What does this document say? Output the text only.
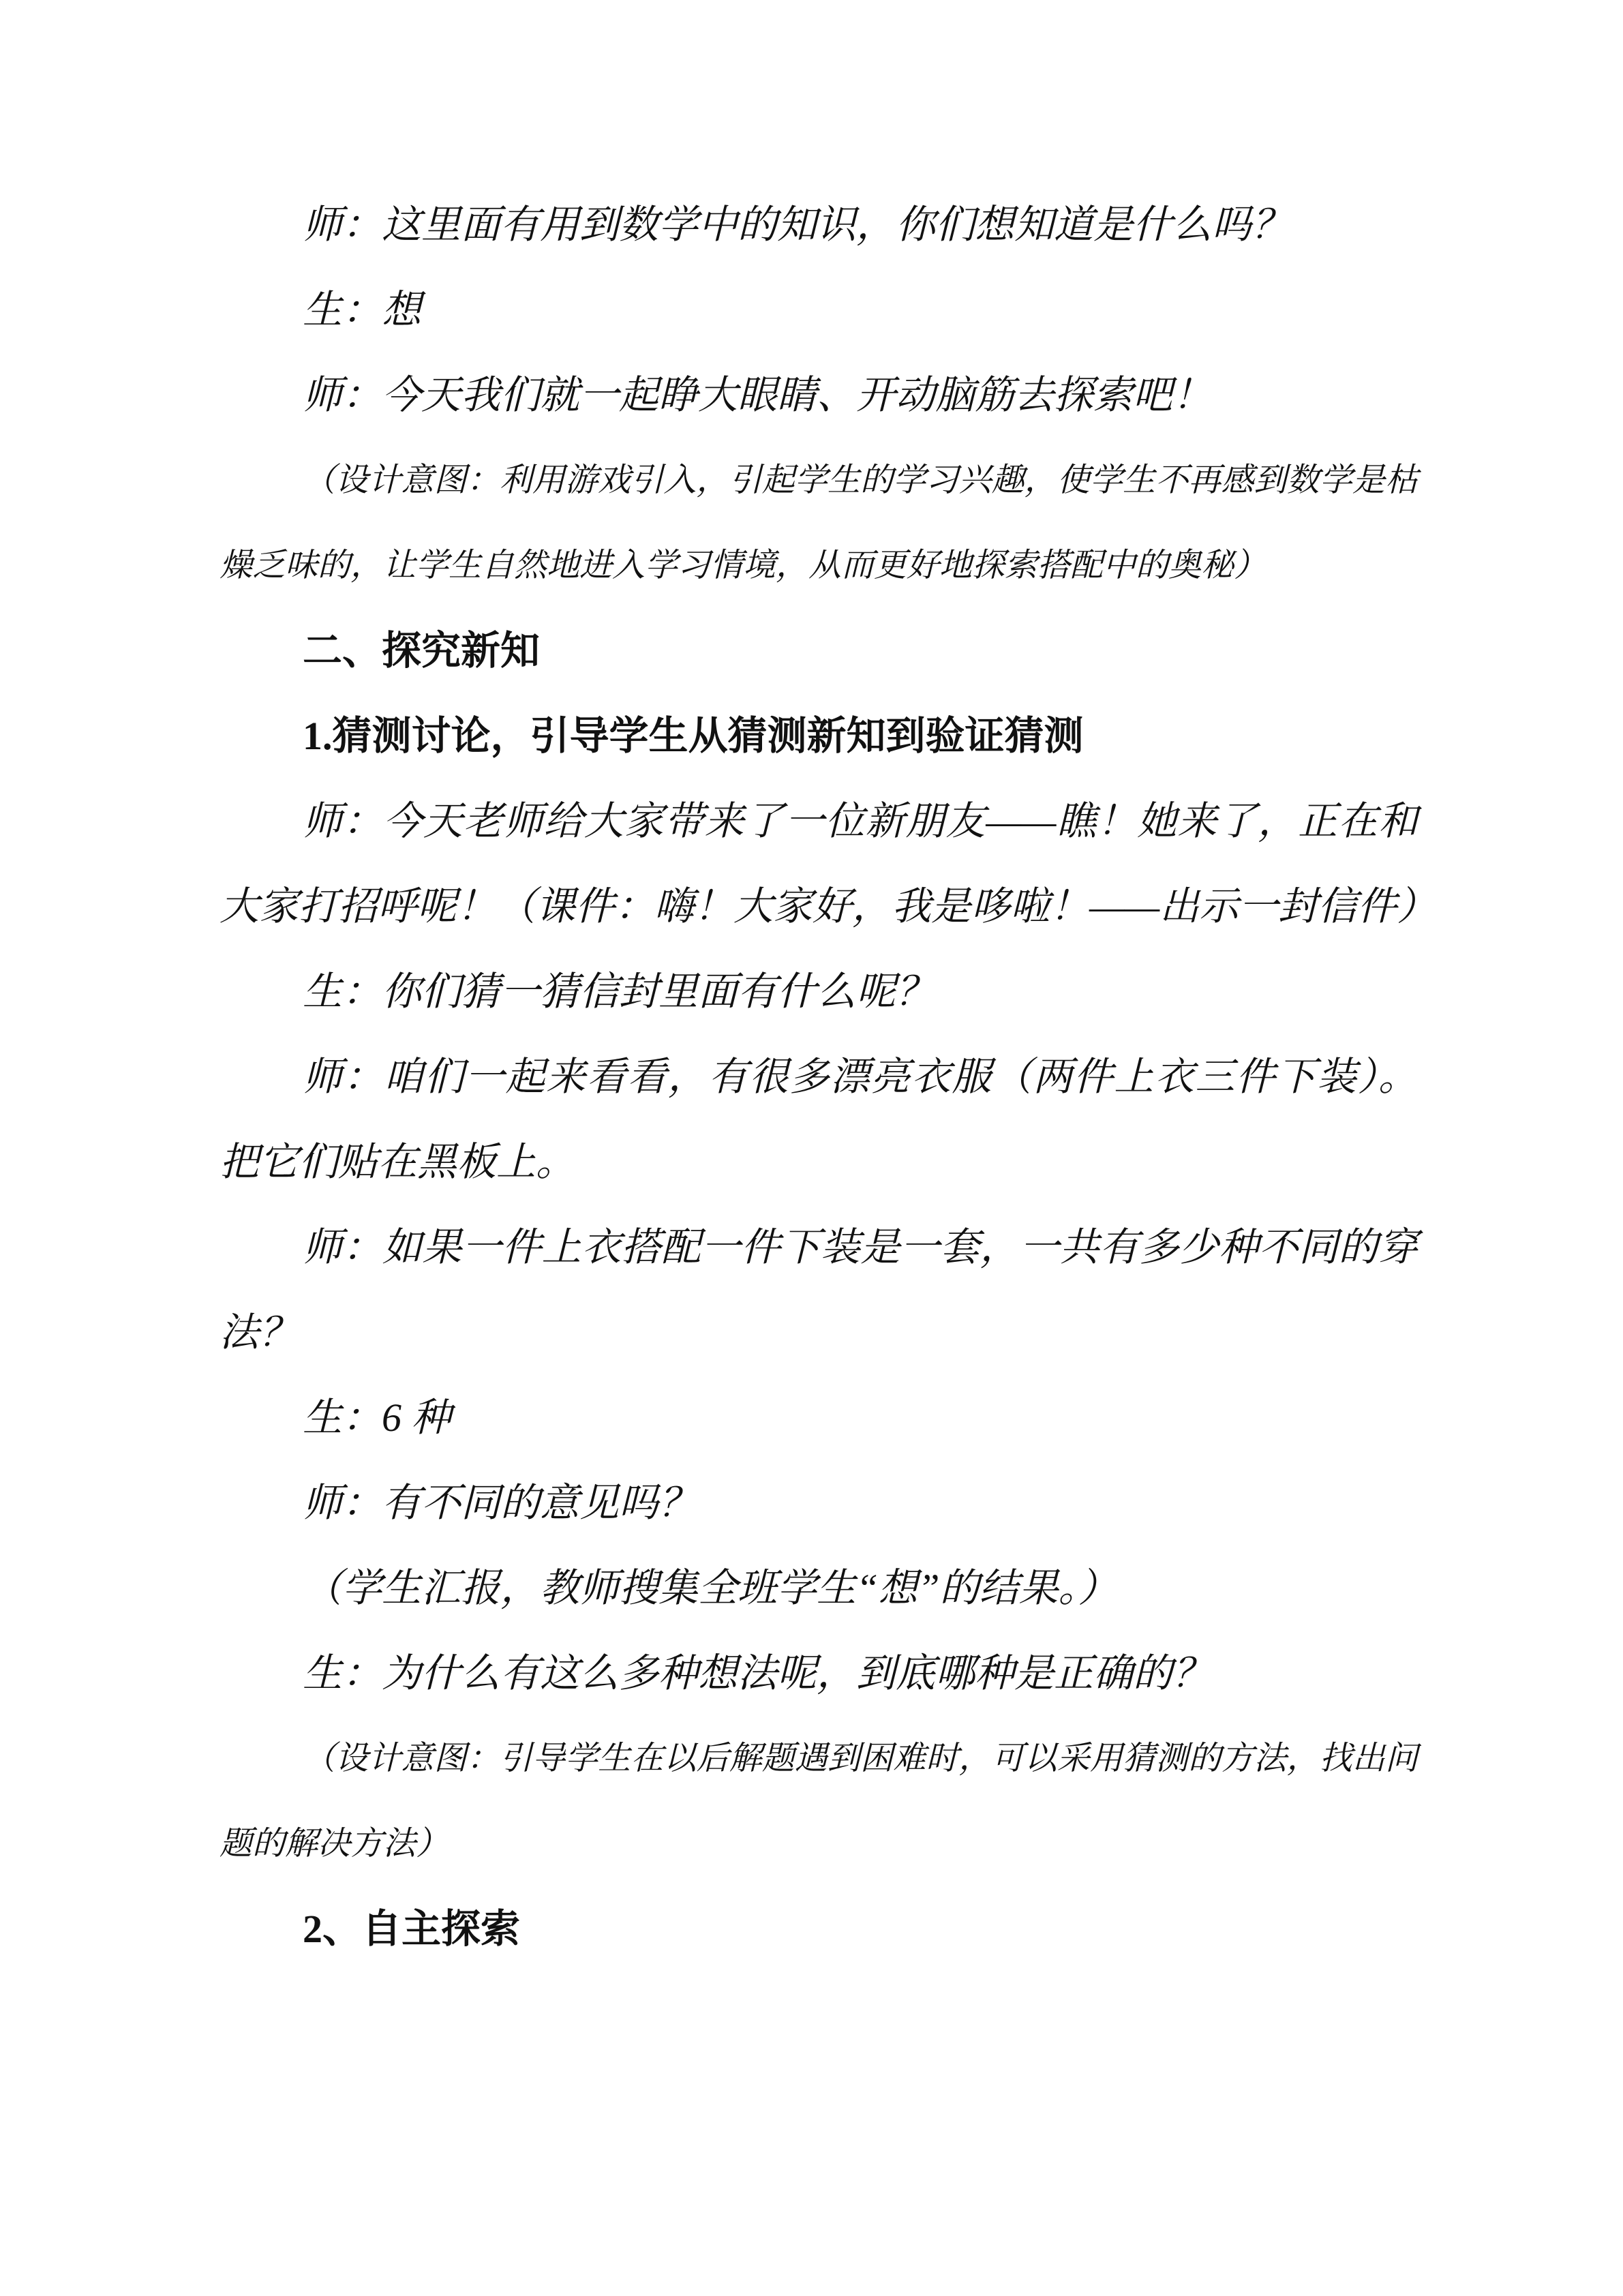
师：这里面有用到数学中的知识，你们想知道是什么吗？

生：想

师：今天我们就一起睁大眼睛、开动脑筋去探索吧！

（设计意图：利用游戏引入，引起学生的学习兴趣，使学生不再感到数学是枯燥乏味的，让学生自然地进入学习情境，从而更好地探索搭配中的奥秘）

二、探究新知

1.猜测讨论，引导学生从猜测新知到验证猜测

师：今天老师给大家带来了一位新朋友——瞧！她来了，正在和大家打招呼呢！（课件：嗨！大家好，我是哆啦！——出示一封信件）

生：你们猜一猜信封里面有什么呢？

师：咱们一起来看看，有很多漂亮衣服（两件上衣三件下装）。把它们贴在黑板上。

师：如果一件上衣搭配一件下装是一套，一共有多少种不同的穿法？

生：6 种

师：有不同的意见吗？

（学生汇报，教师搜集全班学生“想”的结果。）

生：为什么有这么多种想法呢，到底哪种是正确的？

（设计意图：引导学生在以后解题遇到困难时，可以采用猜测的方法，找出问题的解决方法）

2、自主探索
